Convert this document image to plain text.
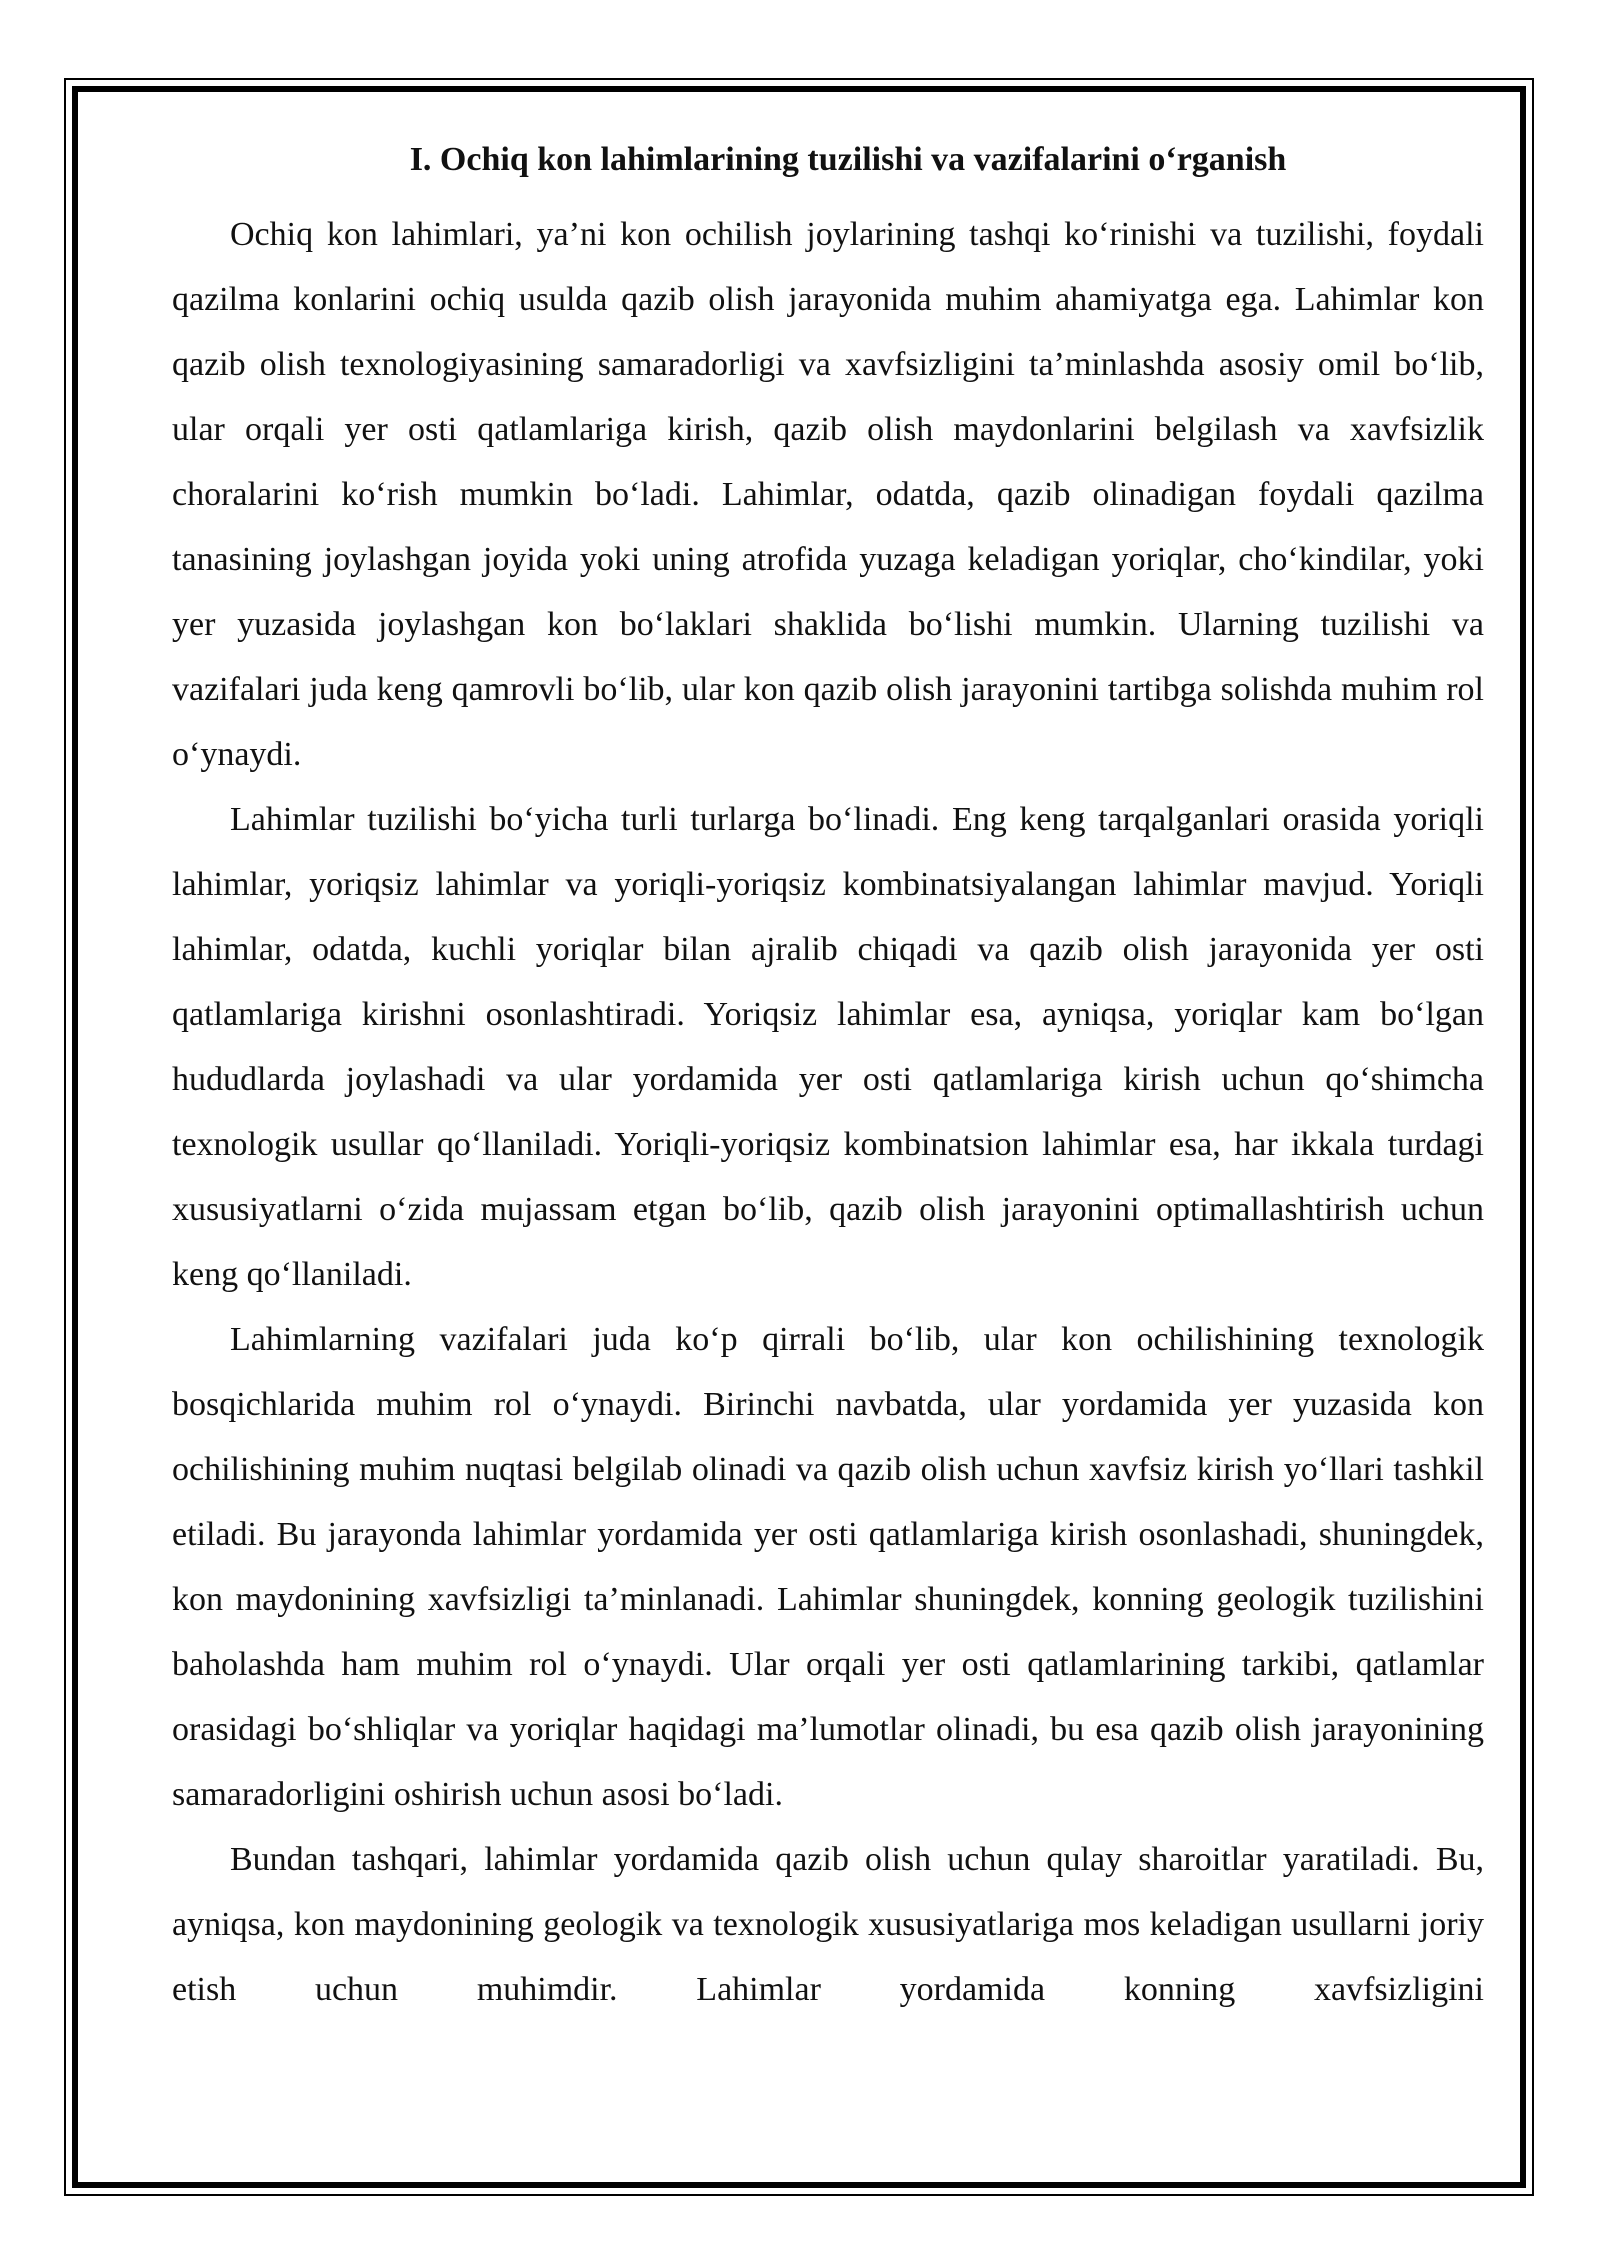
I. Ochiq kon lahimlarining tuzilishi va vazifalarini o‘rganish

Ochiq kon lahimlari, ya’ni kon ochilish joylarining tashqi ko‘rinishi va tuzilishi, foydali qazilma konlarini ochiq usulda qazib olish jarayonida muhim ahamiyatga ega. Lahimlar kon qazib olish texnologiyasining samaradorligi va xavfsizligini ta’minlashda asosiy omil bo‘lib, ular orqali yer osti qatlamlariga kirish, qazib olish maydonlarini belgilash va xavfsizlik choralarini ko‘rish mumkin bo‘ladi. Lahimlar, odatda, qazib olinadigan foydali qazilma tanasining joylashgan joyida yoki uning atrofida yuzaga keladigan yoriqlar, cho‘kindilar, yoki yer yuzasida joylashgan kon bo‘laklari shaklida bo‘lishi mumkin. Ularning tuzilishi va vazifalari juda keng qamrovli bo‘lib, ular kon qazib olish jarayonini tartibga solishda muhim rol o‘ynaydi.

Lahimlar tuzilishi bo‘yicha turli turlarga bo‘linadi. Eng keng tarqalganlari orasida yoriqli lahimlar, yoriqsiz lahimlar va yoriqli-yoriqsiz kombinatsiyalangan lahimlar mavjud. Yoriqli lahimlar, odatda, kuchli yoriqlar bilan ajralib chiqadi va qazib olish jarayonida yer osti qatlamlariga kirishni osonlashtiradi. Yoriqsiz lahimlar esa, ayniqsa, yoriqlar kam bo‘lgan hududlarda joylashadi va ular yordamida yer osti qatlamlariga kirish uchun qo‘shimcha texnologik usullar qo‘llaniladi. Yoriqli-yoriqsiz kombinatsion lahimlar esa, har ikkala turdagi xususiyatlarni o‘zida mujassam etgan bo‘lib, qazib olish jarayonini optimallashtirish uchun keng qo‘llaniladi.

Lahimlarning vazifalari juda ko‘p qirrali bo‘lib, ular kon ochilishining texnologik bosqichlarida muhim rol o‘ynaydi. Birinchi navbatda, ular yordamida yer yuzasida kon ochilishining muhim nuqtasi belgilab olinadi va qazib olish uchun xavfsiz kirish yo‘llari tashkil etiladi. Bu jarayonda lahimlar yordamida yer osti qatlamlariga kirish osonlashadi, shuningdek, kon maydonining xavfsizligi ta’minlanadi. Lahimlar shuningdek, konning geologik tuzilishini baholashda ham muhim rol o‘ynaydi. Ular orqali yer osti qatlamlarining tarkibi, qatlamlar orasidagi bo‘shliqlar va yoriqlar haqidagi ma’lumotlar olinadi, bu esa qazib olish jarayonining samaradorligini oshirish uchun asosi bo‘ladi.

Bundan tashqari, lahimlar yordamida qazib olish uchun qulay sharoitlar yaratiladi. Bu, ayniqsa, kon maydonining geologik va texnologik xususiyatlariga mos keladigan usullarni joriy etish uchun muhimdir. Lahimlar yordamida konning xavfsizligini
